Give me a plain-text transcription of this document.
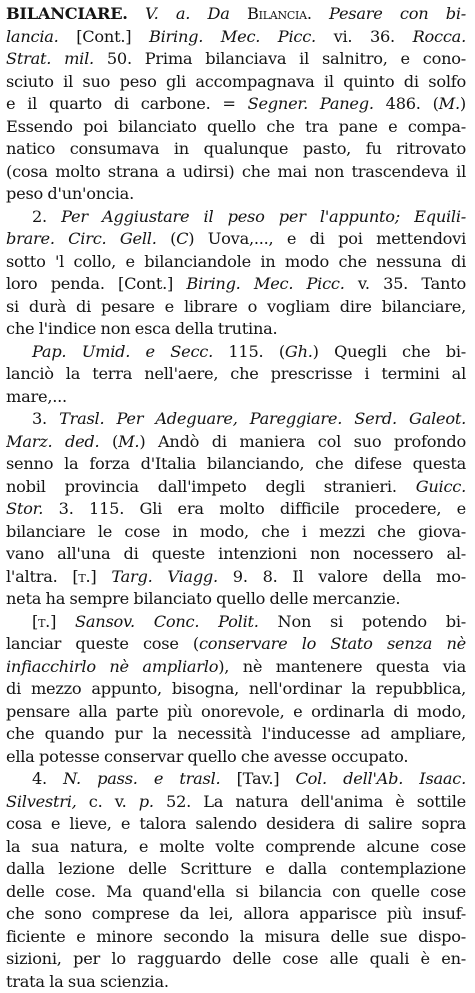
BILANCIARE. V. a. Da Bilancia. Pesare con bi-
lancia. [Cont.] Biring. Mec. Picc. vi. 36. Rocca.
Strat. mil. 50. Prima bilanciava il salnitro, e cono-
sciuto il suo peso gli accompagnava il quinto di solfo
e il quarto di carbone. = Segner. Paneg. 486. (M.)
Essendo poi bilanciato quello che tra pane e compa-
natico consumava in qualunque pasto, fu ritrovato
(cosa molto strana a udirsi) che mai non trascendeva il
peso d'un'oncia.
2. Per Aggiustare il peso per l'appunto; Equili-
brare. Circ. Gell. (C) Uova,..., e di poi mettendovi
sotto 'l collo, e bilanciandole in modo che nessuna di
loro penda. [Cont.] Biring. Mec. Picc. v. 35. Tanto
si durà di pesare e librare o vogliam dire bilanciare,
che l'indice non esca della trutina.
Pap. Umid. e Secc. 115. (Gh.) Quegli che bi-
lanciò la terra nell'aere, che prescrisse i termini al
mare,...
3. Trasl. Per Adeguare, Pareggiare. Serd. Galeot.
Marz. ded. (M.) Andò di maniera col suo profondo
senno la forza d'Italia bilanciando, che difese questa
nobil provincia dall'impeto degli stranieri. Guicc.
Stor. 3. 115. Gli era molto difficile procedere, e
bilanciare le cose in modo, che i mezzi che giova-
vano all'una di queste intenzioni non nocessero al-
l'altra. [t.] Targ. Viagg. 9. 8. Il valore della mo-
neta ha sempre bilanciato quello delle mercanzie.
[t.] Sansov. Conc. Polit. Non si potendo bi-
lanciar queste cose (conservare lo Stato senza nè
infiacchirlo nè ampliarlo), nè mantenere questa via
di mezzo appunto, bisogna, nell'ordinar la repubblica,
pensare alla parte più onorevole, e ordinarla di modo,
che quando pur la necessità l'inducesse ad ampliare,
ella potesse conservar quello che avesse occupato.
4. N. pass. e trasl. [Tav.] Col. dell'Ab. Isaac.
Silvestri, c. v. p. 52. La natura dell'anima è sottile
cosa e lieve, e talora salendo desidera di salire sopra
la sua natura, e molte volte comprende alcune cose
dalla lezione delle Scritture e dalla contemplazione
delle cose. Ma quand'ella si bilancia con quelle cose
che sono comprese da lei, allora apparisce più insuf-
ficiente e minore secondo la misura delle sue dispo-
sizioni, per lo ragguardo delle cose alle quali è en-
trata la sua scienzia.
